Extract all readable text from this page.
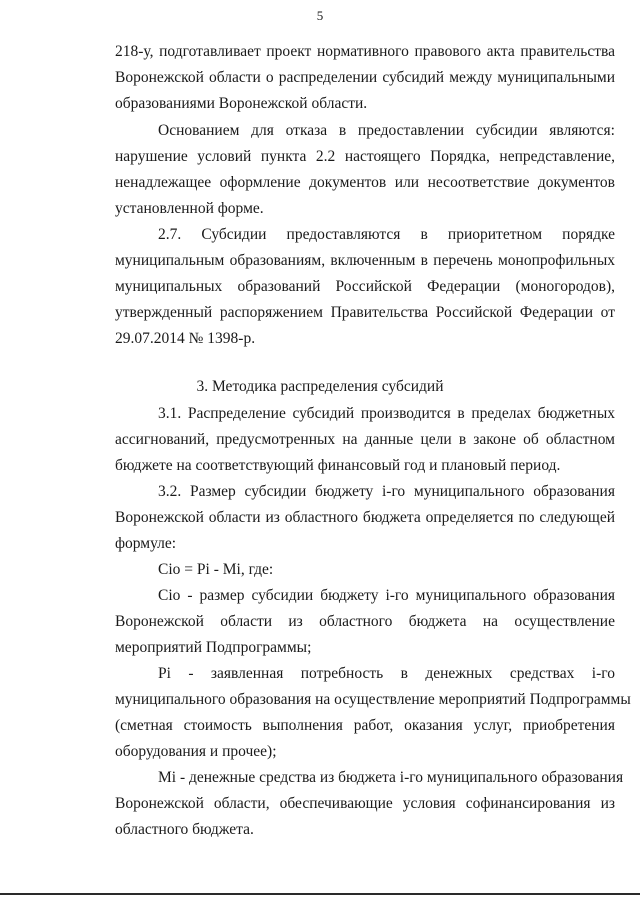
5
218-у, подготавливает проект нормативного правового акта правительства
Воронежской области о распределении субсидий между муниципальными
образованиями Воронежской области.
Основанием для отказа в предоставлении субсидии являются:
нарушение условий пункта 2.2 настоящего Порядка, непредставление,
ненадлежащее оформление документов или несоответствие документов
установленной форме.
2.7. Субсидии предоставляются в приоритетном порядке
муниципальным образованиям, включенным в перечень монопрофильных
муниципальных образований Российской Федерации (моногородов),
утвержденный распоряжением Правительства Российской Федерации от
29.07.2014 № 1398-р.
3. Методика распределения субсидий
3.1. Распределение субсидий производится в пределах бюджетных
ассигнований, предусмотренных на данные цели в законе об областном
бюджете на соответствующий финансовый год и плановый период.
3.2. Размер субсидии бюджету i-го муниципального образования
Воронежской области из областного бюджета определяется по следующей
формуле:
Сiо = Рi - Мi, где:
Сiо - размер субсидии бюджету i-го муниципального образования
Воронежской области из областного бюджета на осуществление
мероприятий Подпрограммы;
Рi - заявленная потребность в денежных средствах i-го
муниципального образования на осуществление мероприятий Подпрограммы
(сметная стоимость выполнения работ, оказания услуг, приобретения
оборудования и прочее);
Мi - денежные средства из бюджета i-го муниципального образования
Воронежской области, обеспечивающие условия софинансирования из
областного бюджета.
